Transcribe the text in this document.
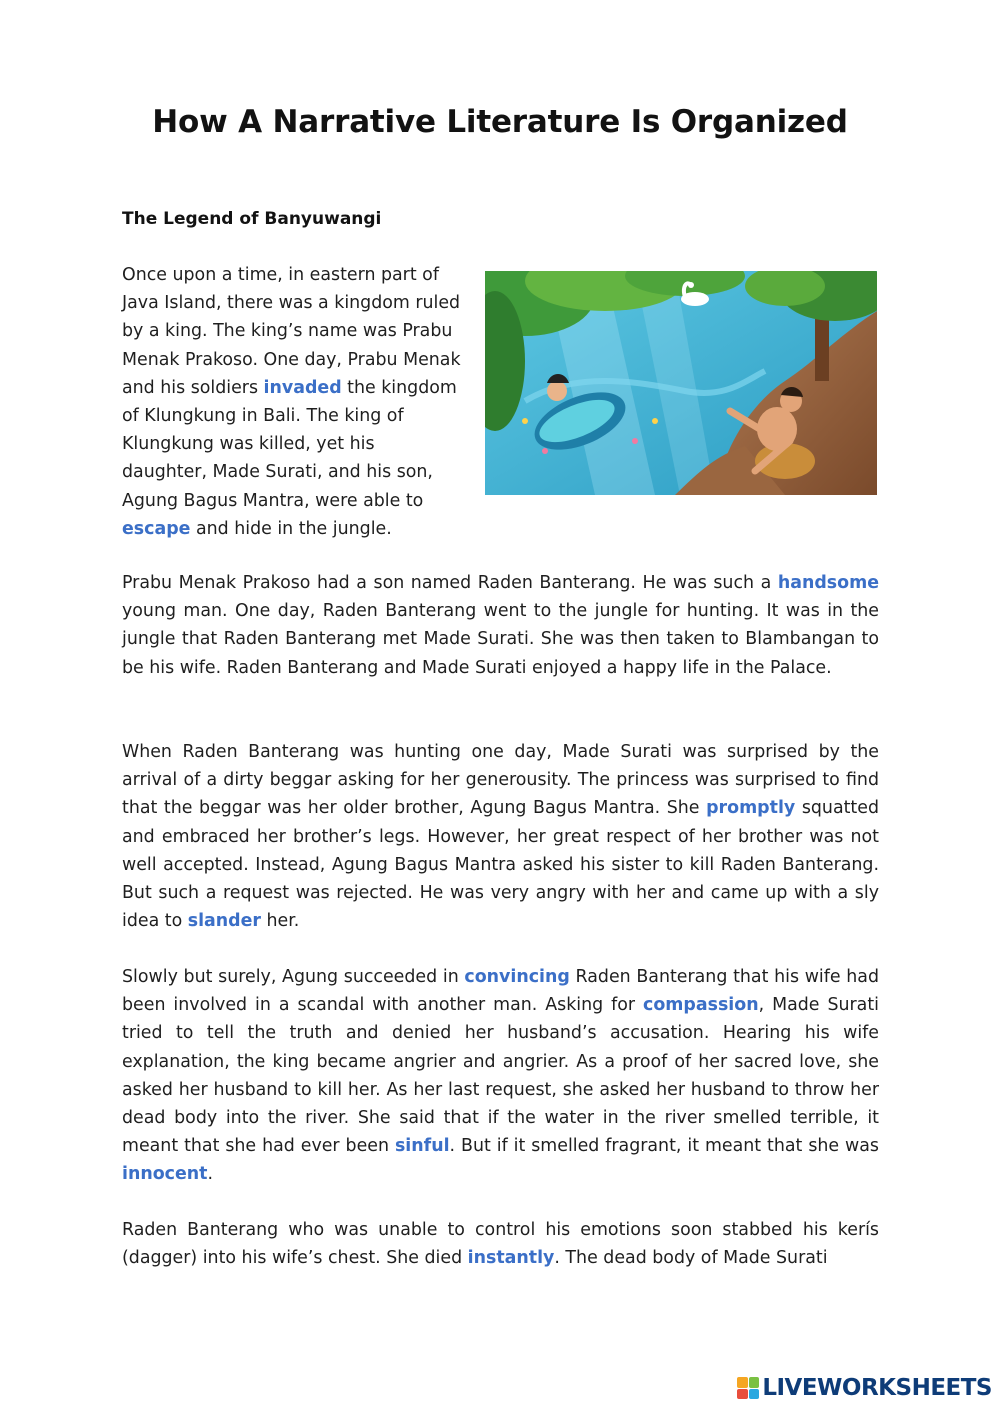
How A Narrative Literature Is Organized
The Legend of Banyuwangi

Once upon a time, in eastern part of Java Island, there was a kingdom ruled by a king. The king’s name was Prabu Menak Prakoso. One day, Prabu Menak and his soldiers invaded the kingdom of Klungkung in Bali. The king of Klungkung was killed, yet his daughter, Made Surati, and his son, Agung Bagus Mantra, were able to escape and hide in the jungle.

Prabu Menak Prakoso had a son named Raden Banterang. He was such a handsome young man. One day, Raden Banterang went to the jungle for hunting. It was in the jungle that Raden Banterang met Made Surati. She was then taken to Blambangan to be his wife. Raden Banterang and Made Surati enjoyed a happy life in the Palace.

When Raden Banterang was hunting one day, Made Surati was surprised by the arrival of a dirty beggar asking for her generousity. The princess was surprised to find that the beggar was her older brother, Agung Bagus Mantra. She promptly squatted and embraced her brother’s legs. However, her great respect of her brother was not well accepted. Instead, Agung Bagus Mantra asked his sister to kill Raden Banterang. But such a request was rejected. He was very angry with her and came up with a sly idea to slander her.

Slowly but surely, Agung succeeded in convincing Raden Banterang that his wife had been involved in a scandal with another man. Asking for compassion, Made Surati tried to tell the truth and denied her husband’s accusation. Hearing his wife explanation, the king became angrier and angrier. As a proof of her sacred love, she asked her husband to kill her. As her last request, she asked her husband to throw her dead body into the river. She said that if the water in the river smelled terrible, it meant that she had ever been sinful. But if it smelled fragrant, it meant that she was innocent.

Raden Banterang who was unable to control his emotions soon stabbed his kerís (dagger) into his wife’s chest. She died instantly. The dead body of Made Surati

LIVEWORKSHEETS
